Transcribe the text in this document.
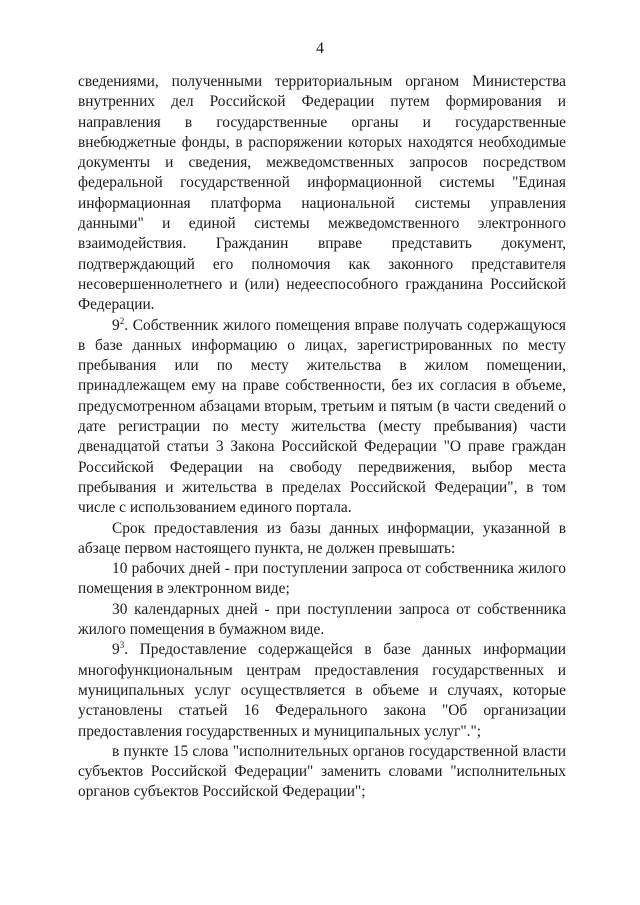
4

сведениями, полученными территориальным органом Министерства внутренних дел Российской Федерации путем формирования и направления в государственные органы и государственные внебюджетные фонды, в распоряжении которых находятся необходимые документы и сведения, межведомственных запросов посредством федеральной государственной информационной системы "Единая информационная платформа национальной системы управления данными" и единой системы межведомственного электронного взаимодействия. Гражданин вправе представить документ, подтверждающий его полномочия как законного представителя несовершеннолетнего и (или) недееспособного гражданина Российской Федерации.

$9^2$. Собственник жилого помещения вправе получать содержащуюся в базе данных информацию о лицах, зарегистрированных по месту пребывания или по месту жительства в жилом помещении, принадлежащем ему на праве собственности, без их согласия в объеме, предусмотренном абзацами вторым, третьим и пятым (в части сведений о дате регистрации по месту жительства (месту пребывания) части двенадцатой статьи 3 Закона Российской Федерации "О праве граждан Российской Федерации на свободу передвижения, выбор места пребывания и жительства в пределах Российской Федерации", в том числе с использованием единого портала.

Срок предоставления из базы данных информации, указанной в абзаце первом настоящего пункта, не должен превышать:

10 рабочих дней - при поступлении запроса от собственника жилого помещения в электронном виде;

30 календарных дней - при поступлении запроса от собственника жилого помещения в бумажном виде.

$9^3$. Предоставление содержащейся в базе данных информации многофункциональным центрам предоставления государственных и муниципальных услуг осуществляется в объеме и случаях, которые установлены статьей 16 Федерального закона "Об организации предоставления государственных и муниципальных услуг".";

в пункте 15 слова "исполнительных органов государственной власти субъектов Российской Федерации" заменить словами "исполнительных органов субъектов Российской Федерации";
